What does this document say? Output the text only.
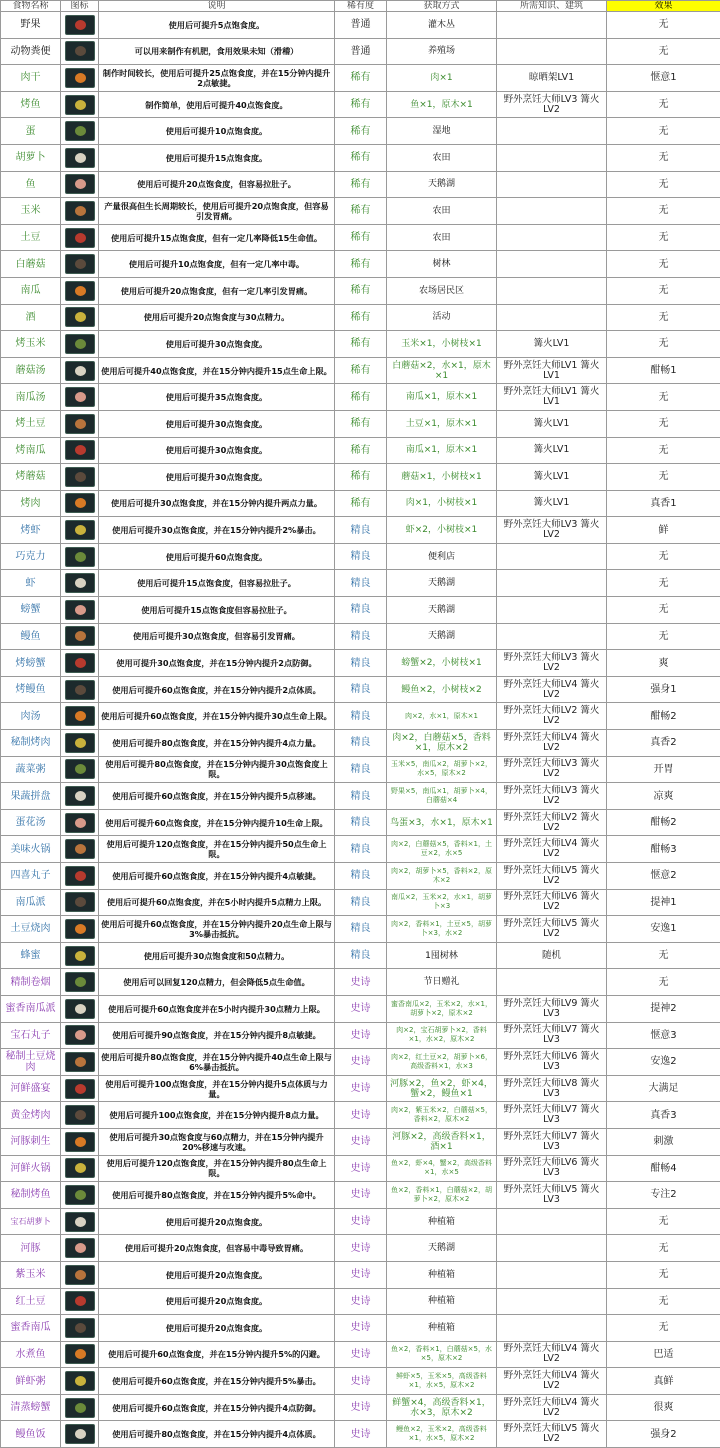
食物名称	图标	说明	稀有度	获取方式	所需知识、建筑	效果
野果		使用后可提升5点饱食度。	普通	灌木丛		无
动物粪便		可以用来制作有机肥，食用效果未知（滑稽）	普通	养殖场		无
肉干		制作时间较长，使用后可提升25点饱食度，并在15分钟内提升2点敏捷。	稀有	肉×1	晾晒架LV1	惬意1
烤鱼		制作简单，使用后可提升40点饱食度。	稀有	鱼×1，原木×1	野外烹饪大师LV3 篝火LV2	无
蛋		使用后可提升10点饱食度。	稀有	湿地		无
胡萝卜		使用后可提升15点饱食度。	稀有	农田		无
鱼		使用后可提升20点饱食度，但容易拉肚子。	稀有	天鹅湖		无
玉米		产量很高但生长周期较长，使用后可提升20点饱食度，但容易引发胃痛。	稀有	农田		无
土豆		使用后可提升15点饱食度，但有一定几率降低15生命值。	稀有	农田		无
白蘑菇		使用后可提升10点饱食度，但有一定几率中毒。	稀有	树林		无
南瓜		使用后可提升20点饱食度，但有一定几率引发胃痛。	稀有	农场居民区		无
酒		使用后可提升20点饱食度与30点精力。	稀有	活动		无
烤玉米		使用后可提升30点饱食度。	稀有	玉米×1，小树枝×1	篝火LV1	无
蘑菇汤		使用后可提升40点饱食度，并在15分钟内提升15点生命上限。	稀有	白蘑菇×2，水×1，原木×1	野外烹饪大师LV1 篝火LV1	酣畅1
南瓜汤		使用后可提升35点饱食度。	稀有	南瓜×1，原木×1	野外烹饪大师LV1 篝火LV1	无
烤土豆		使用后可提升30点饱食度。	稀有	土豆×1，原木×1	篝火LV1	无
烤南瓜		使用后可提升30点饱食度。	稀有	南瓜×1，原木×1	篝火LV1	无
烤蘑菇		使用后可提升30点饱食度。	稀有	蘑菇×1，小树枝×1	篝火LV1	无
烤肉		使用后可提升30点饱食度，并在15分钟内提升两点力量。	稀有	肉×1，小树枝×1	篝火LV1	真香1
烤虾		使用后可提升30点饱食度，并在15分钟内提升2%暴击。	精良	虾×2，小树枝×1	野外烹饪大师LV3 篝火LV2	鲜
巧克力		使用后可提升60点饱食度。	精良	便利店		无
虾		使用后可提升15点饱食度，但容易拉肚子。	精良	天鹅湖		无
螃蟹		使用后可提升15点饱食度但容易拉肚子。	精良	天鹅湖		无
鳗鱼		使用后可提升30点饱食度，但容易引发胃痛。	精良	天鹅湖		无
烤螃蟹		使用可提升30点饱食度，并在15分钟内提升2点防御。	精良	螃蟹×2，小树枝×1	野外烹饪大师LV3 篝火LV2	爽
烤鳗鱼		使用后可提升60点饱食度，并在15分钟内提升2点体质。	精良	鳗鱼×2，小树枝×2	野外烹饪大师LV4 篝火LV2	强身1
肉汤		使用后可提升60点饱食度，并在15分钟内提升30点生命上限。	精良	肉×2，水×1，原木×1	野外烹饪大师LV2 篝火LV2	酣畅2
秘制烤肉		使用后可提升80点饱食度，并在15分钟内提升4点力量。	精良	肉×2，白蘑菇×5，香料×1，原木×2	野外烹饪大师LV4 篝火LV2	真香2
蔬菜粥		使用后可提升80点饱食度，并在15分钟内提升30点饱食度上限。	精良	玉米×5，南瓜×2，胡萝卜×2，水×5，原木×2	野外烹饪大师LV3 篝火LV2	开胃
果蔬拼盘		使用后可提升60点饱食度，并在15分钟内提升5点移速。	精良	野果×5，南瓜×1，胡萝卜×4，白蘑菇×4	野外烹饪大师LV3 篝火LV2	凉爽
蛋花汤		使用后可提升60点饱食度，并在15分钟内提升10生命上限。	精良	鸟蛋×3，水×1，原木×1	野外烹饪大师LV2 篝火LV2	酣畅2
美味火锅		使用后可提升120点饱食度，并在15分钟内提升50点生命上限。	精良	肉×2，白蘑菇×5，香料×1，土豆×2，水×5	野外烹饪大师LV4 篝火LV2	酣畅3
四喜丸子		使用后可提升60点饱食度，并在15分钟内提升4点敏捷。	精良	肉×2，胡萝卜×5，香料×2，原木×2	野外烹饪大师LV5 篝火LV2	惬意2
南瓜派		使用后可提升60点饱食度，并在5小时内提升5点精力上限。	精良	南瓜×2，玉米×2，水×1，胡萝卜×3	野外烹饪大师LV6 篝火LV2	提神1
土豆烧肉		使用后可提升60点饱食度，并在15分钟内提升20点生命上限与3%暴击抵抗。	精良	肉×2，香料×1，土豆×5，胡萝卜×3，水×2	野外烹饪大师LV5 篝火LV2	安逸1
蜂蜜		使用后可提升30点饱食度和50点精力。	精良	1囤树林	随机	无
精制卷烟		使用后可以回复120点精力，但会降低5点生命值。	史诗	节日赠礼		无
蜜香南瓜派		使用后可提升60点饱食度并在5小时内提升30点精力上限。	史诗	蜜香南瓜×2，玉米×2，水×1，胡萝卜×2，原木×2	野外烹饪大师LV9 篝火LV3	提神2
宝石丸子		使用后可提升90点饱食度，并在15分钟内提升8点敏捷。	史诗	肉×2，宝石胡萝卜×2，香料×1，水×2，原木×2	野外烹饪大师LV7 篝火LV3	惬意3
秘制土豆烧肉		使用后可提升80点饱食度，并在15分钟内提升40点生命上限与6%暴击抵抗。	史诗	肉×2，红土豆×2，胡萝卜×6，高级香料×1，水×3	野外烹饪大师LV6 篝火LV3	安逸2
河鲜盛宴		使用后可提升100点饱食度，并在15分钟内提升5点体质与力量。	史诗	河豚×2，鱼×2，虾×4，蟹×2，鳗鱼×1	野外烹饪大师LV8 篝火LV3	大满足
黄金烤肉		使用后可提升100点饱食度，并在15分钟内提升8点力量。	史诗	肉×2，紫玉米×2，白蘑菇×5，香料×2，原木×2	野外烹饪大师LV7 篝火LV3	真香3
河豚刺生		使用后可提升30点饱食度与60点精力，并在15分钟内提升20%移速与攻速。	史诗	河豚×2，高级香料×1，酒×1	野外烹饪大师LV7 篝火LV3	刺激
河鲜火锅		使用后可提升120点饱食度，并在15分钟内提升80点生命上限。	史诗	鱼×2，虾×4，蟹×2，高级香料×1，水×5	野外烹饪大师LV6 篝火LV3	酣畅4
秘制烤鱼		使用后可提升80点饱食度，并在15分钟内提升5%命中。	史诗	鱼×2，香料×1，白蘑菇×2，胡萝卜×2，原木×2	野外烹饪大师LV5 篝火LV3	专注2
宝石胡萝卜		使用后可提升20点饱食度。	史诗	种植箱		无
河豚		使用后可提升20点饱食度，但容易中毒导致胃痛。	史诗	天鹅湖		无
紫玉米		使用后可提升20点饱食度。	史诗	种植箱		无
红土豆		使用后可提升20点饱食度。	史诗	种植箱		无
蜜香南瓜		使用后可提升20点饱食度。	史诗	种植箱		无
水煮鱼		使用后可提升60点饱食度，并在15分钟内提升5%的闪避。	史诗	鱼×2，香料×1，白蘑菇×5，水×5，原木×2	野外烹饪大师LV4 篝火LV2	巴适
鲜虾粥		使用后可提升60点饱食度，并在15分钟内提升5%暴击。	史诗	鲜虾×5，玉米×5，高级香料×1，水×5，原木×2	野外烹饪大师LV4 篝火LV2	真鲜
清蒸螃蟹		使用后可提升60点饱食度，并在15分钟内提升4点防御。	史诗	鲜蟹×4，高级香料×1，水×3，原木×2	野外烹饪大师LV4 篝火LV2	很爽
鳗鱼饭		使用后可提升80点饱食度，并在15分钟内提升4点体质。	史诗	鳗鱼×2，玉米×2，高级香料×1，水×5，原木×2	野外烹饪大师LV5 篝火LV2	强身2
